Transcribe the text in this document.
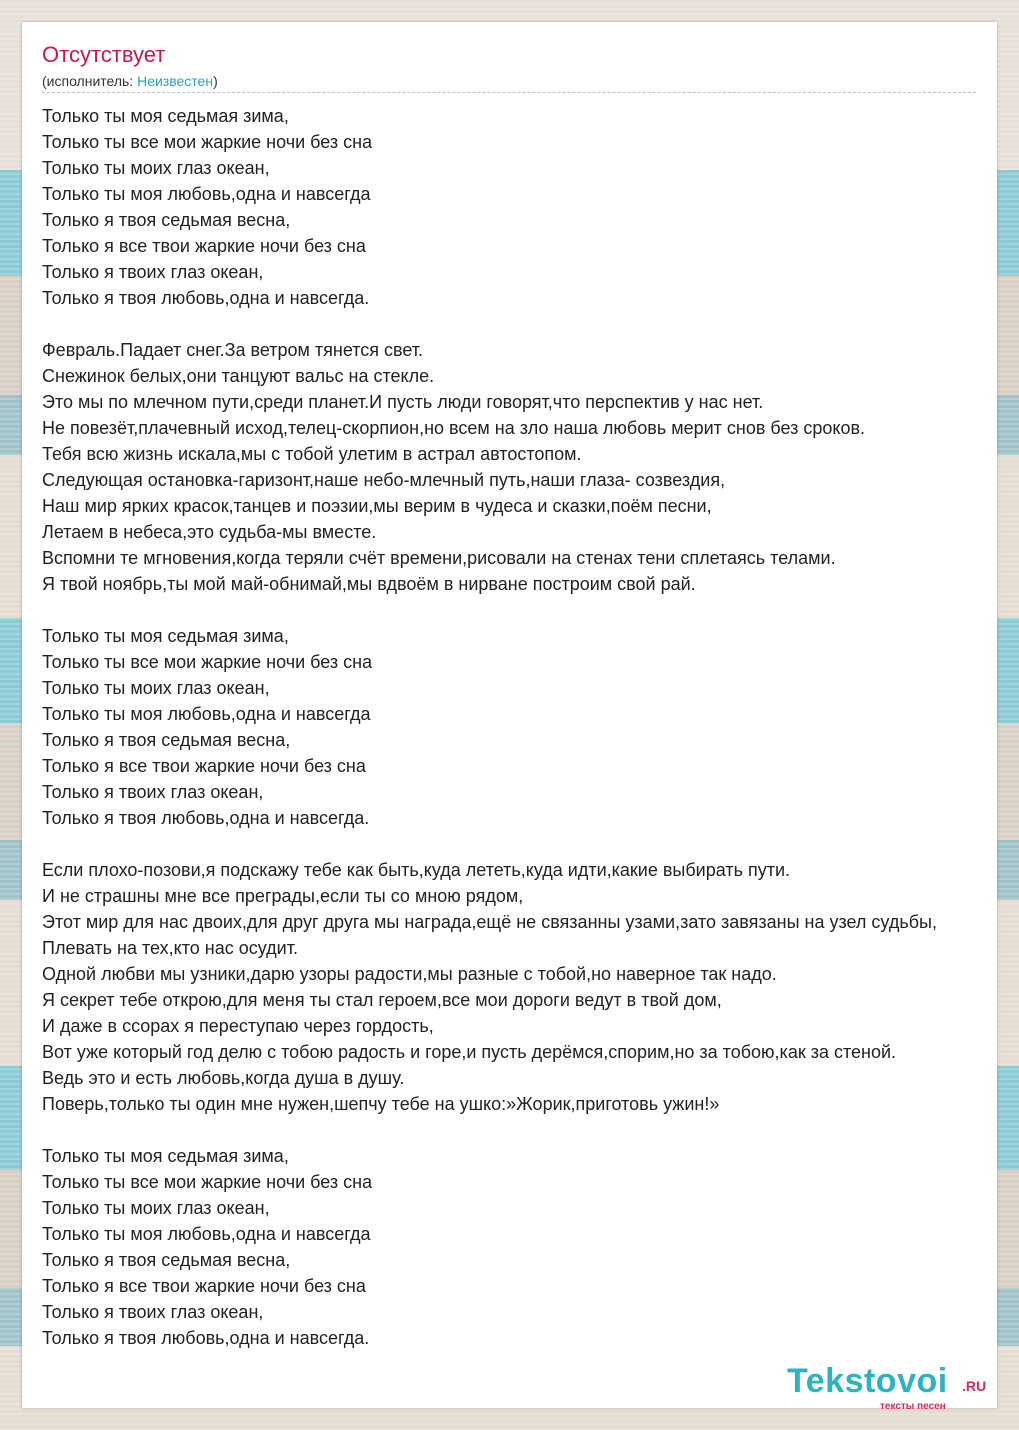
Отсутствует
(исполнитель: Неизвестен)

Только ты моя седьмая зима,
Только ты все мои жаркие ночи без сна
Только ты моих глаз океан,
Только ты моя любовь,одна и навсегда
Только я твоя седьмая весна,
Только я все твои жаркие ночи без сна
Только я твоих глаз океан,
Только я твоя любовь,одна и навсегда.

Февраль.Падает снег.За ветром тянется свет.
Снежинок белых,они танцуют вальс на стекле.
Это мы по млечном пути,среди планет.И пусть люди говорят,что перспектив у нас нет.
Не повезёт,плачевный исход,телец-скорпион,но всем на зло наша любовь мерит снов без сроков.
Тебя всю жизнь искала,мы с тобой улетим в астрал автостопом.
Следующая остановка-гаризонт,наше небо-млечный путь,наши глаза- созвездия,
Наш мир ярких красок,танцев и поэзии,мы верим в чудеса и сказки,поём песни,
Летаем в небеса,это судьба-мы вместе.
Вспомни те мгновения,когда теряли счёт времени,рисовали на стенах тени сплетаясь телами.
Я твой ноябрь,ты мой май-обнимай,мы вдвоём в нирване построим свой рай.

Только ты моя седьмая зима,
Только ты все мои жаркие ночи без сна
Только ты моих глаз океан,
Только ты моя любовь,одна и навсегда
Только я твоя седьмая весна,
Только я все твои жаркие ночи без сна
Только я твоих глаз океан,
Только я твоя любовь,одна и навсегда.

Если плохо-позови,я подскажу тебе как быть,куда лететь,куда идти,какие выбирать пути.
И не страшны мне все преграды,если ты со мною рядом,
Этот мир для нас двоих,для друг друга мы награда,ещё не связанны узами,зато завязаны на узел судьбы,
Плевать на тех,кто нас осудит.
Одной любви мы узники,дарю узоры радости,мы разные с тобой,но наверное так надо.
Я секрет тебе открою,для меня ты стал героем,все мои дороги ведут в твой дом,
И даже в ссорах я переступаю через гордость,
Вот уже который год делю с тобою радость и горе,и пусть дерёмся,спорим,но за тобою,как за стеной.
Ведь это и есть любовь,когда душа в душу.
Поверь,только ты один мне нужен,шепчу тебе на ушко:»Жорик,приготовь ужин!»

Только ты моя седьмая зима,
Только ты все мои жаркие ночи без сна
Только ты моих глаз океан,
Только ты моя любовь,одна и навсегда
Только я твоя седьмая весна,
Только я все твои жаркие ночи без сна
Только я твоих глаз океан,
Только я твоя любовь,одна и навсегда.

Tekstovoi .RU
тексты песен
